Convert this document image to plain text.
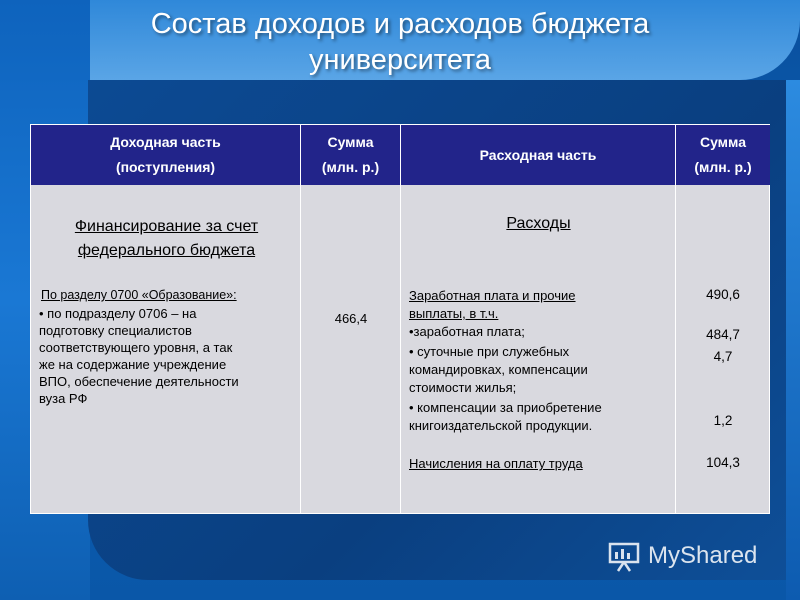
Состав доходов и расходов бюджета
университета
Доходная часть
(поступления)
Сумма
(млн. р.)
Расходная часть
Сумма
(млн. р.)
Финансирование за счет
федерального бюджета
По разделу 0700 «Образование»:
• по подразделу 0706 – на
подготовку специалистов
соответствующего уровня, а так
же на содержание учреждение
ВПО, обеспечение деятельности
вуза РФ
466,4
Расходы
Заработная плата и прочие
выплаты, в т.ч.
•заработная плата;
• суточные при служебных
командировках, компенсации
стоимости жилья;
• компенсации за приобретение
книгоиздательской продукции.
Начисления на оплату труда
490,6
484,7
4,7
1,2
104,3
MyShared
